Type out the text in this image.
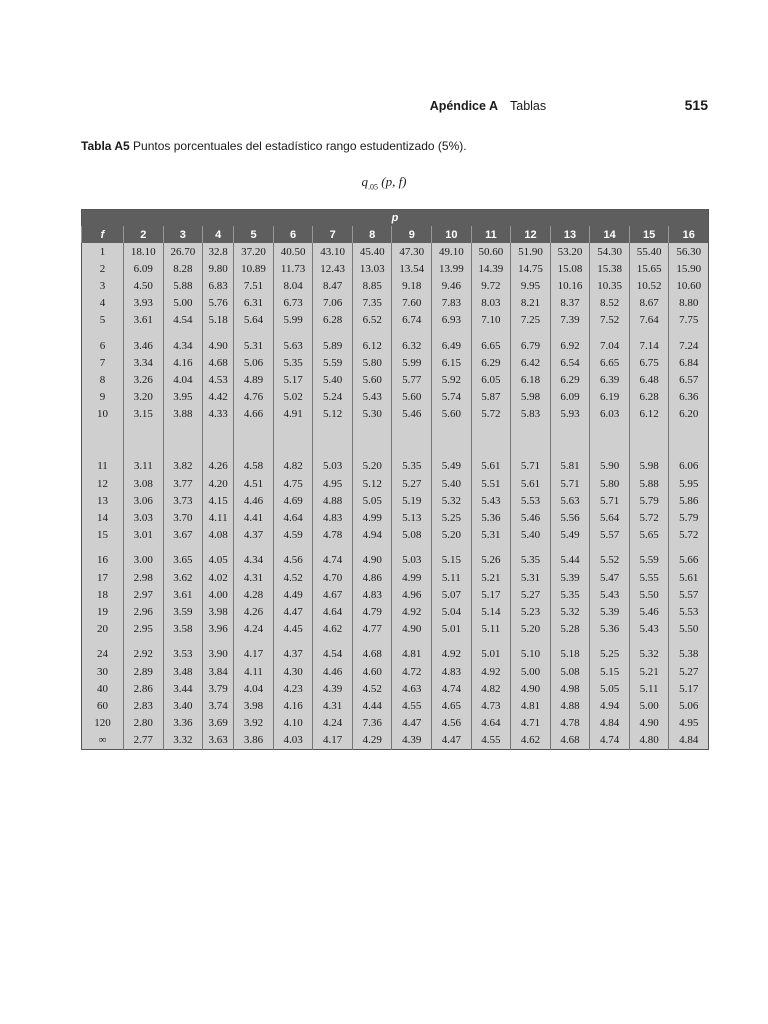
Apéndice A Tablas	515
Tabla A5 Puntos porcentuales del estadístico rango estudentizado (5%).
$q_{.05}$ (p, f)
p															
f	2	3	4	5	6	7	8	9	10	11	12	13	14	15	16
1	18.10	26.70	32.8	37.20	40.50	43.10	45.40	47.30	49.10	50.60	51.90	53.20	54.30	55.40	56.30
2	6.09	8.28	9.80	10.89	11.73	12.43	13.03	13.54	13.99	14.39	14.75	15.08	15.38	15.65	15.90
3	4.50	5.88	6.83	7.51	8.04	8.47	8.85	9.18	9.46	9.72	9.95	10.16	10.35	10.52	10.60
4	3.93	5.00	5.76	6.31	6.73	7.06	7.35	7.60	7.83	8.03	8.21	8.37	8.52	8.67	8.80
5	3.61	4.54	5.18	5.64	5.99	6.28	6.52	6.74	6.93	7.10	7.25	7.39	7.52	7.64	7.75

6	3.46	4.34	4.90	5.31	5.63	5.89	6.12	6.32	6.49	6.65	6.79	6.92	7.04	7.14	7.24
7	3.34	4.16	4.68	5.06	5.35	5.59	5.80	5.99	6.15	6.29	6.42	6.54	6.65	6.75	6.84
8	3.26	4.04	4.53	4.89	5.17	5.40	5.60	5.77	5.92	6.05	6.18	6.29	6.39	6.48	6.57
9	3.20	3.95	4.42	4.76	5.02	5.24	5.43	5.60	5.74	5.87	5.98	6.09	6.19	6.28	6.36
10	3.15	3.88	4.33	4.66	4.91	5.12	5.30	5.46	5.60	5.72	5.83	5.93	6.03	6.12	6.20

11	3.11	3.82	4.26	4.58	4.82	5.03	5.20	5.35	5.49	5.61	5.71	5.81	5.90	5.98	6.06
12	3.08	3.77	4.20	4.51	4.75	4.95	5.12	5.27	5.40	5.51	5.61	5.71	5.80	5.88	5.95
13	3.06	3.73	4.15	4.46	4.69	4.88	5.05	5.19	5.32	5.43	5.53	5.63	5.71	5.79	5.86
14	3.03	3.70	4.11	4.41	4.64	4.83	4.99	5.13	5.25	5.36	5.46	5.56	5.64	5.72	5.79
15	3.01	3.67	4.08	4.37	4.59	4.78	4.94	5.08	5.20	5.31	5.40	5.49	5.57	5.65	5.72

16	3.00	3.65	4.05	4.34	4.56	4.74	4.90	5.03	5.15	5.26	5.35	5.44	5.52	5.59	5.66
17	2.98	3.62	4.02	4.31	4.52	4.70	4.86	4.99	5.11	5.21	5.31	5.39	5.47	5.55	5.61
18	2.97	3.61	4.00	4.28	4.49	4.67	4.83	4.96	5.07	5.17	5.27	5.35	5.43	5.50	5.57
19	2.96	3.59	3.98	4.26	4.47	4.64	4.79	4.92	5.04	5.14	5.23	5.32	5.39	5.46	5.53
20	2.95	3.58	3.96	4.24	4.45	4.62	4.77	4.90	5.01	5.11	5.20	5.28	5.36	5.43	5.50

24	2.92	3.53	3.90	4.17	4.37	4.54	4.68	4.81	4.92	5.01	5.10	5.18	5.25	5.32	5.38
30	2.89	3.48	3.84	4.11	4.30	4.46	4.60	4.72	4.83	4.92	5.00	5.08	5.15	5.21	5.27
40	2.86	3.44	3.79	4.04	4.23	4.39	4.52	4.63	4.74	4.82	4.90	4.98	5.05	5.11	5.17
60	2.83	3.40	3.74	3.98	4.16	4.31	4.44	4.55	4.65	4.73	4.81	4.88	4.94	5.00	5.06
120	2.80	3.36	3.69	3.92	4.10	4.24	7.36	4.47	4.56	4.64	4.71	4.78	4.84	4.90	4.95
∞	2.77	3.32	3.63	3.86	4.03	4.17	4.29	4.39	4.47	4.55	4.62	4.68	4.74	4.80	4.84
